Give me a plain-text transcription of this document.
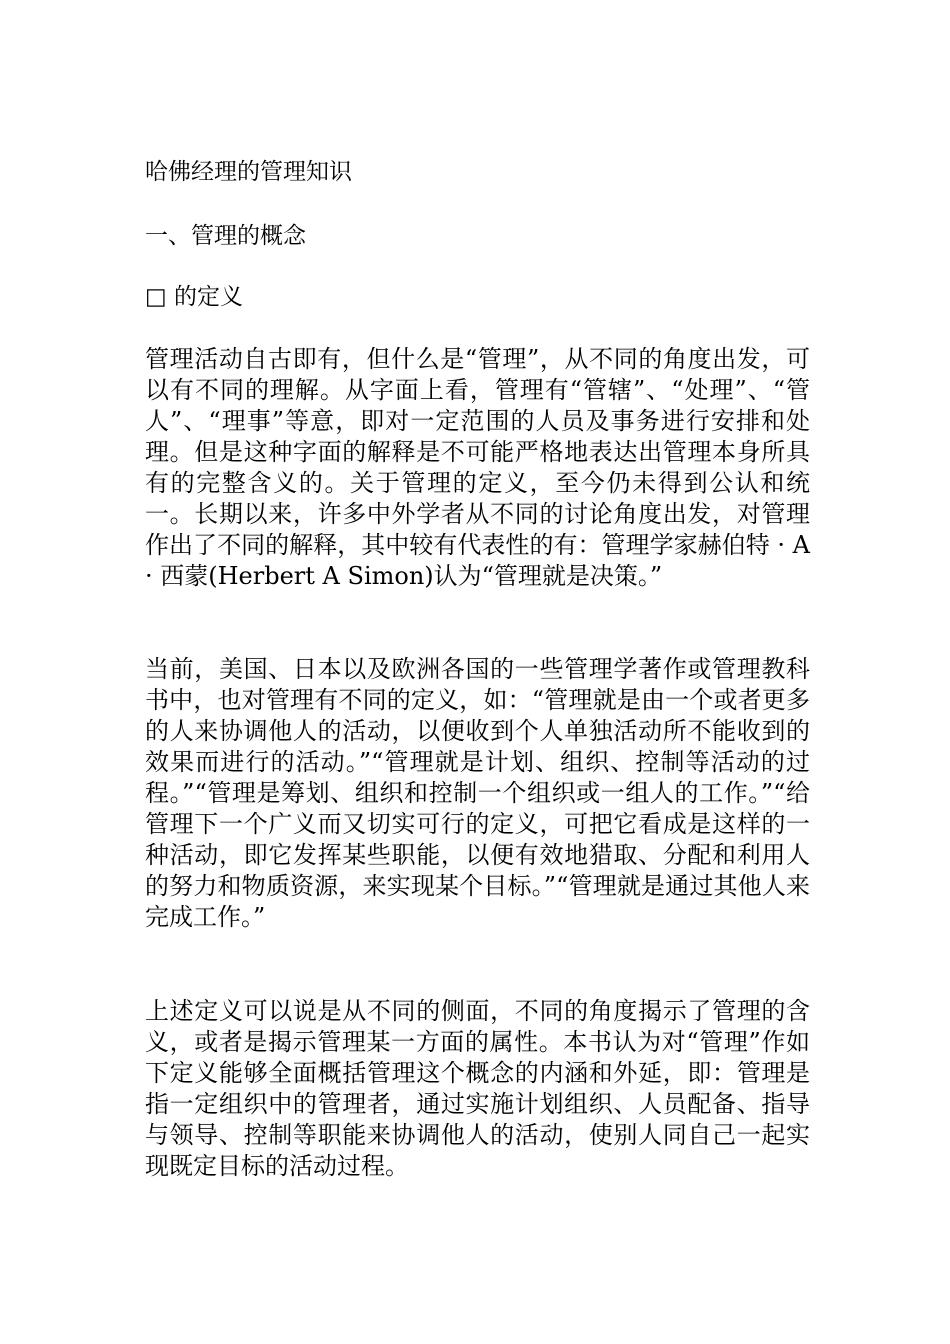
哈佛经理的管理知识
一、管理的概念
□ 的定义

管理活动自古即有，但什么是“管理”，从不同的角度出发，可以有不同的理解。从字面上看，管理有“管辖”、“处理”、“管人”、“理事”等意，即对一定范围的人员及事务进行安排和处理。但是这种字面的解释是不可能严格地表达出管理本身所具有的完整含义的。关于管理的定义，至今仍未得到公认和统一。长期以来，许多中外学者从不同的讨论角度出发，对管理作出了不同的解释，其中较有代表性的有：管理学家赫伯特 · A · 西蒙(Herbert A Simon)认为“管理就是决策。”

当前，美国、日本以及欧洲各国的一些管理学著作或管理教科书中，也对管理有不同的定义，如：“管理就是由一个或者更多的人来协调他人的活动，以便收到个人单独活动所不能收到的效果而进行的活动。”“管理就是计划、组织、控制等活动的过程。”“管理是筹划、组织和控制一个组织或一组人的工作。”“给管理下一个广义而又切实可行的定义，可把它看成是这样的一种活动，即它发挥某些职能，以便有效地猎取、分配和利用人的努力和物质资源，来实现某个目标。”“管理就是通过其他人来完成工作。”

上述定义可以说是从不同的侧面，不同的角度揭示了管理的含义，或者是揭示管理某一方面的属性。本书认为对“管理”作如下定义能够全面概括管理这个概念的内涵和外延，即：管理是指一定组织中的管理者，通过实施计划组织、人员配备、指导与领导、控制等职能来协调他人的活动，使别人同自己一起实现既定目标的活动过程。
